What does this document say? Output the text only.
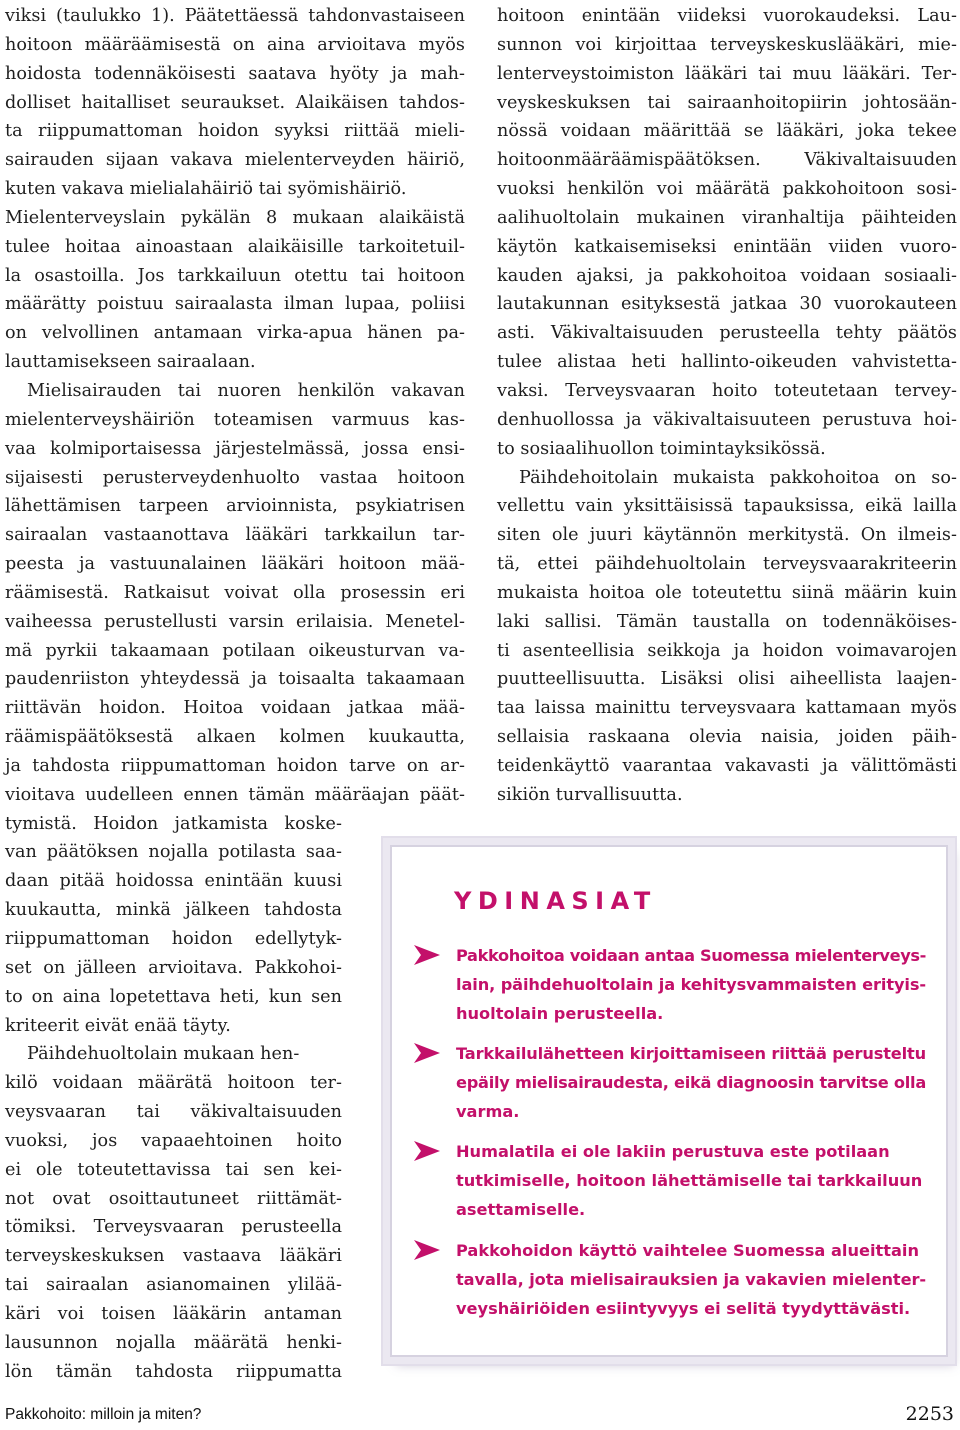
viksi (taulukko 1). Päätettäessä tahdonvastaiseen
hoitoon määräämisestä on aina arvioitava myös
hoidosta todennäköisesti saatava hyöty ja mah-
dolliset haitalliset seuraukset. Alaikäisen tahdos-
ta riippumattoman hoidon syyksi riittää mieli-
sairauden sijaan vakava mielenterveyden häiriö,
kuten vakava mielialahäiriö tai syömishäiriö.
Mielenterveyslain pykälän 8 mukaan alaikäistä
tulee hoitaa ainoastaan alaikäisille tarkoitetuil-
la osastoilla. Jos tarkkailuun otettu tai hoitoon
määrätty poistuu sairaalasta ilman lupaa, poliisi
on velvollinen antamaan virka-apua hänen pa-
lauttamisekseen sairaalaan.
Mielisairauden tai nuoren henkilön vakavan
mielenterveyshäiriön toteamisen varmuus kas-
vaa kolmiportaisessa järjestelmässä, jossa ensi-
sijaisesti perusterveydenhuolto vastaa hoitoon
lähettämisen tarpeen arvioinnista, psykiatrisen
sairaalan vastaanottava lääkäri tarkkailun tar-
peesta ja vastuunalainen lääkäri hoitoon mää-
räämisestä. Ratkaisut voivat olla prosessin eri
vaiheessa perustellusti varsin erilaisia. Menetel-
mä pyrkii takaamaan potilaan oikeusturvan va-
paudenriiston yhteydessä ja toisaalta takaamaan
riittävän hoidon. Hoitoa voidaan jatkaa mää-
räämispäätöksestä alkaen kolmen kuukautta,
ja tahdosta riippumattoman hoidon tarve on ar-
vioitava uudelleen ennen tämän määräajan päät-
tymistä. Hoidon jatkamista koske-
van päätöksen nojalla potilasta saa-
daan pitää hoidossa enintään kuusi
kuukautta, minkä jälkeen tahdosta
riippumattoman hoidon edellytyk-
set on jälleen arvioitava. Pakkohoi-
to on aina lopetettava heti, kun sen
kriteerit eivät enää täyty.
Päihdehuoltolain mukaan hen-
kilö voidaan määrätä hoitoon ter-
veysvaaran tai väkivaltaisuuden
vuoksi, jos vapaaehtoinen hoito
ei ole toteutettavissa tai sen kei-
not ovat osoittautuneet riittämät-
tömiksi. Terveysvaaran perusteella
terveyskeskuksen vastaava lääkäri
tai sairaalan asianomainen ylilää-
käri voi toisen lääkärin antaman
lausunnon nojalla määrätä henki-
lön tämän tahdosta riippumatta
hoitoon enintään viideksi vuorokaudeksi. Lau-
sunnon voi kirjoittaa terveyskeskuslääkäri, mie-
lenterveystoimiston lääkäri tai muu lääkäri. Ter-
veyskeskuksen tai sairaanhoitopiirin johtosään-
nössä voidaan määrittää se lääkäri, joka tekee
hoitoonmääräämispäätöksen. Väkivaltaisuuden
vuoksi henkilön voi määrätä pakkohoitoon sosi-
aalihuoltolain mukainen viranhaltija päihteiden
käytön katkaisemiseksi enintään viiden vuoro-
kauden ajaksi, ja pakkohoitoa voidaan sosiaali-
lautakunnan esityksestä jatkaa 30 vuorokauteen
asti. Väkivaltaisuuden perusteella tehty päätös
tulee alistaa heti hallinto-oikeuden vahvistetta-
vaksi. Terveysvaaran hoito toteutetaan tervey-
denhuollossa ja väkivaltaisuuteen perustuva hoi-
to sosiaalihuollon toimintayksikössä.
Päihdehoitolain mukaista pakkohoitoa on so-
vellettu vain yksittäisissä tapauksissa, eikä lailla
siten ole juuri käytännön merkitystä. On ilmeis-
tä, ettei päihdehuoltolain terveysvaarakriteerin
mukaista hoitoa ole toteutettu siinä määrin kuin
laki sallisi. Tämän taustalla on todennäköises-
ti asenteellisia seikkoja ja hoidon voimavarojen
puutteellisuutta. Lisäksi olisi aiheellista laajen-
taa laissa mainittu terveysvaara kattamaan myös
sellaisia raskaana olevia naisia, joiden päih-
teidenkäyttö vaarantaa vakavasti ja välittömästi
sikiön turvallisuutta.
YDINASIAT
Pakkohoitoa voidaan antaa Suomessa mielenterveys-
lain, päihdehuoltolain ja kehitysvammaisten erityis-
huoltolain perusteella.
Tarkkailulähetteen kirjoittamiseen riittää perusteltu
epäily mielisairaudesta, eikä diagnoosin tarvitse olla
varma.
Humalatila ei ole lakiin perustuva este potilaan
tutkimiselle, hoitoon lähettämiselle tai tarkkailuun
asettamiselle.
Pakkohoidon käyttö vaihtelee Suomessa alueittain
tavalla, jota mielisairauksien ja vakavien mielenter-
veyshäiriöiden esiintyvyys ei selitä tyydyttävästi.
Pakkohoito: milloin ja miten?	2253
